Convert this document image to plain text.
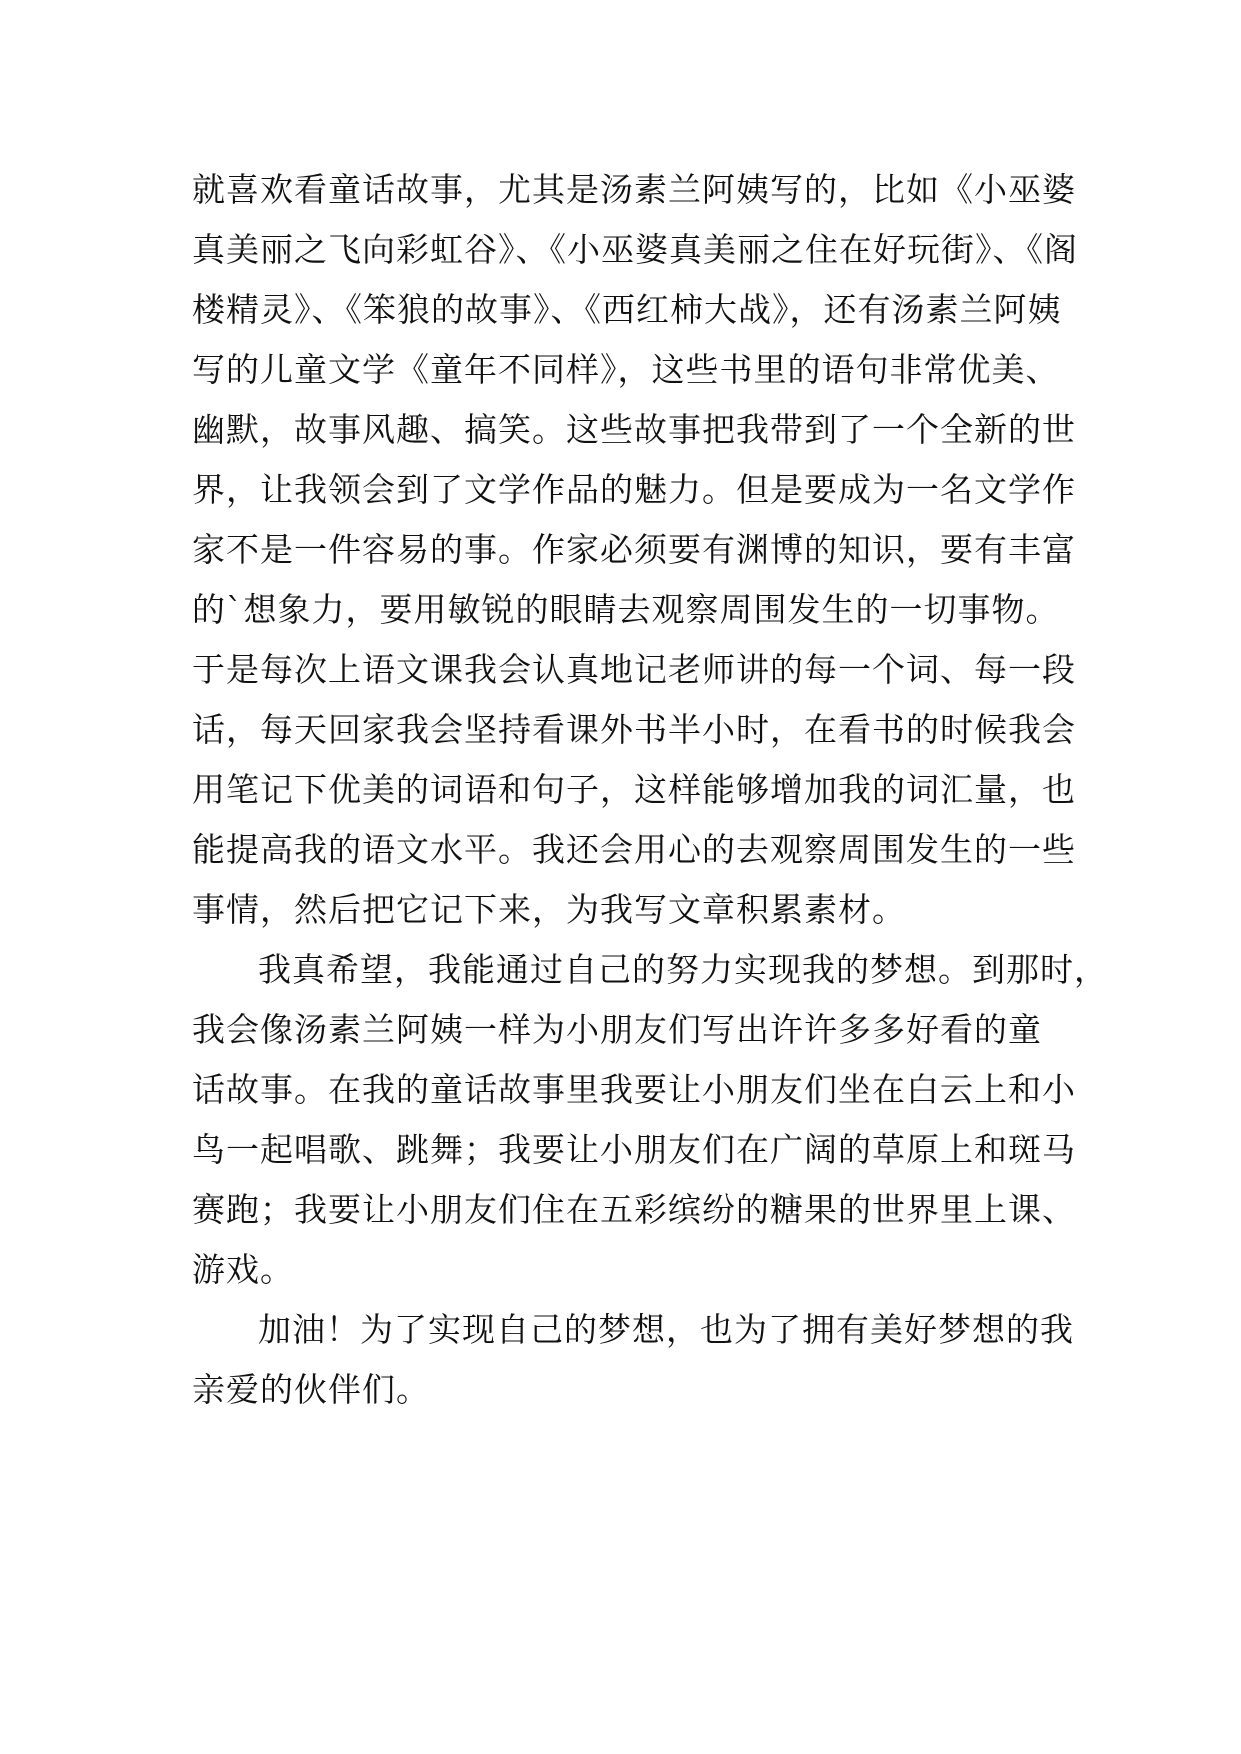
就喜欢看童话故事，尤其是汤素兰阿姨写的，比如《小巫婆
真美丽之飞向彩虹谷》、《小巫婆真美丽之住在好玩街》、《阁
楼精灵》、《笨狼的故事》、《西红柿大战》，还有汤素兰阿姨
写的儿童文学《童年不同样》，这些书里的语句非常优美、
幽默，故事风趣、搞笑。这些故事把我带到了一个全新的世
界，让我领会到了文学作品的魅力。但是要成为一名文学作
家不是一件容易的事。作家必须要有渊博的知识，要有丰富
的`想象力，要用敏锐的眼睛去观察周围发生的一切事物。
于是每次上语文课我会认真地记老师讲的每一个词、每一段
话，每天回家我会坚持看课外书半小时，在看书的时候我会
用笔记下优美的词语和句子，这样能够增加我的词汇量，也
能提高我的语文水平。我还会用心的去观察周围发生的一些
事情，然后把它记下来，为我写文章积累素材。
我真希望，我能通过自己的努力实现我的梦想。到那时，
我会像汤素兰阿姨一样为小朋友们写出许许多多好看的童
话故事。在我的童话故事里我要让小朋友们坐在白云上和小
鸟一起唱歌、跳舞；我要让小朋友们在广阔的草原上和斑马
赛跑；我要让小朋友们住在五彩缤纷的糖果的世界里上课、
游戏。
加油！为了实现自己的梦想，也为了拥有美好梦想的我
亲爱的伙伴们。
